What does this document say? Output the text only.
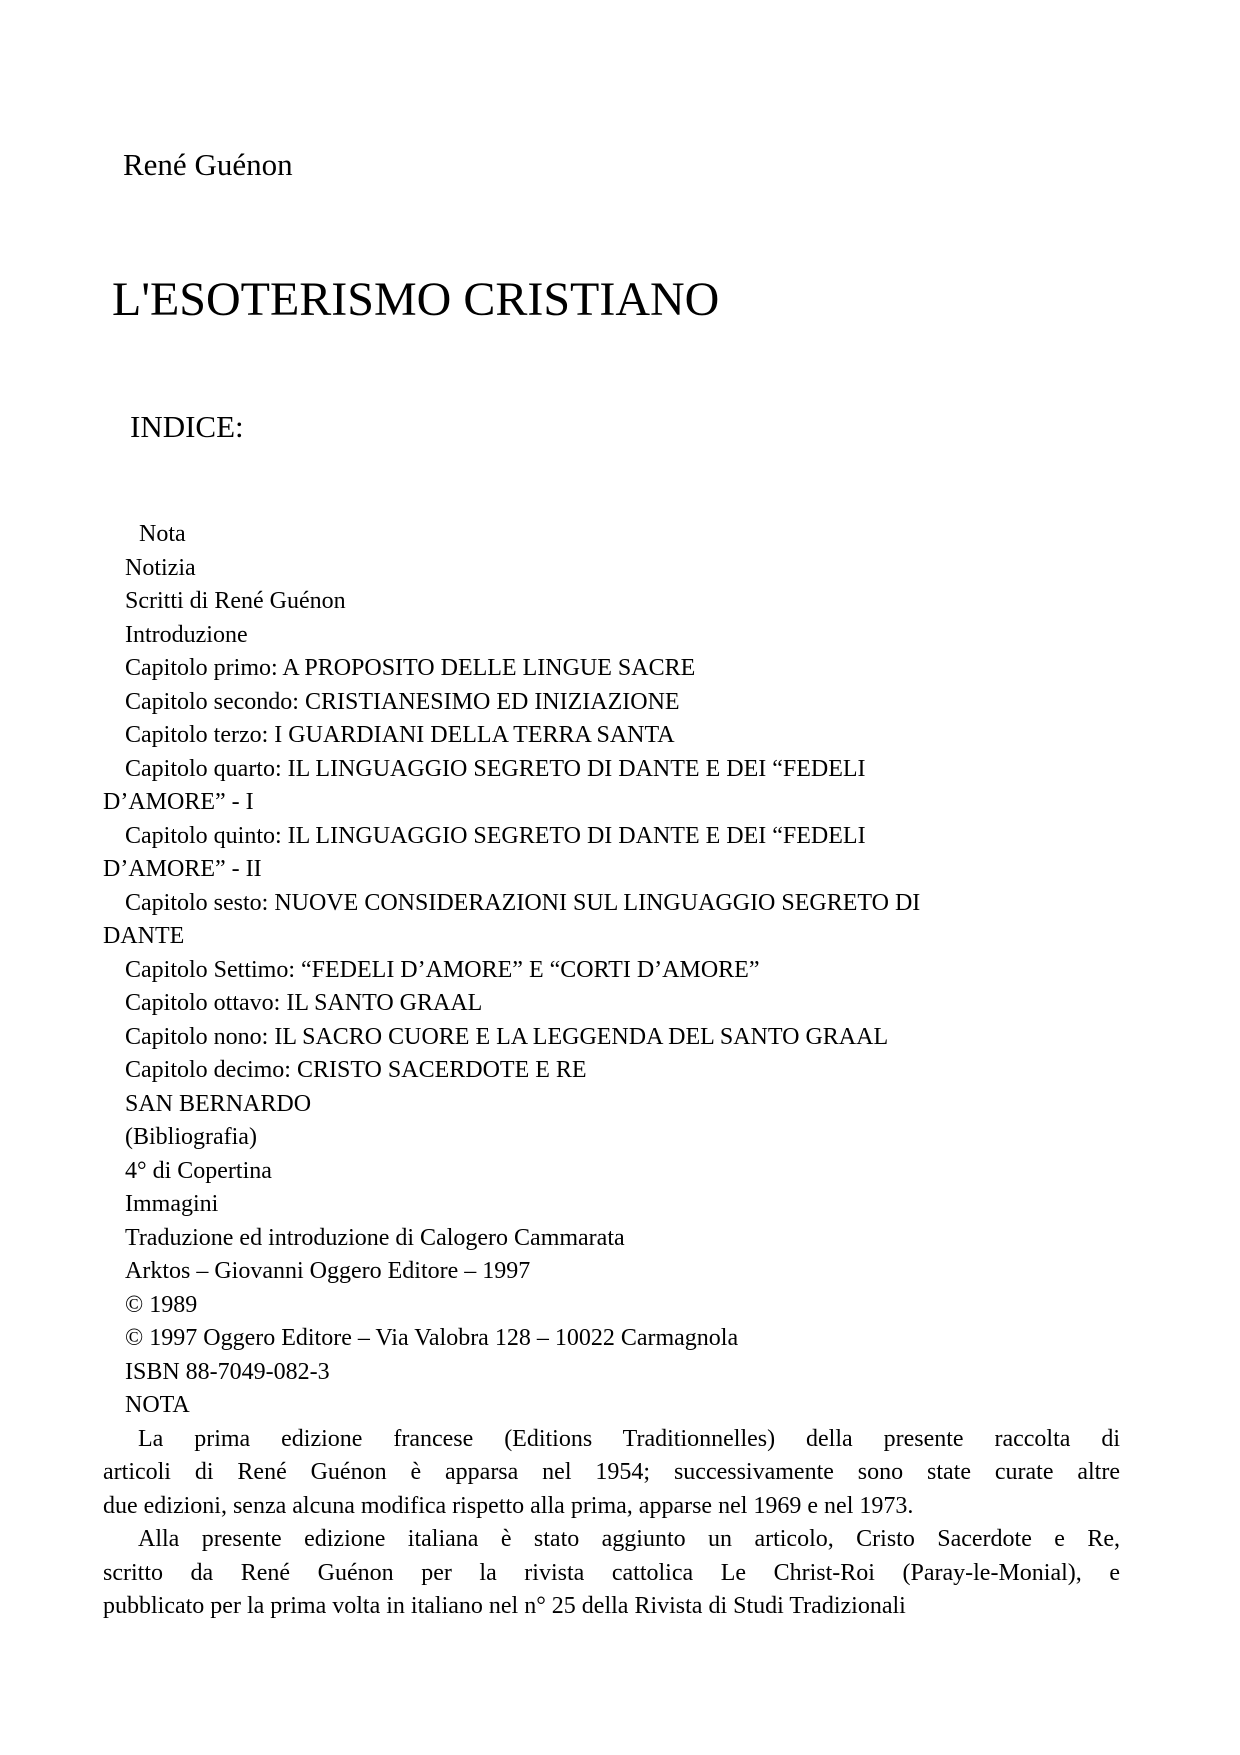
René Guénon
L'ESOTERISMO CRISTIANO
INDICE:
Nota
Notizia
Scritti di René Guénon
Introduzione
Capitolo primo: A PROPOSITO DELLE LINGUE SACRE
Capitolo secondo: CRISTIANESIMO ED INIZIAZIONE
Capitolo terzo: I GUARDIANI DELLA TERRA SANTA
Capitolo quarto: IL LINGUAGGIO SEGRETO DI DANTE E DEI “FEDELI
D’AMORE” - I
Capitolo quinto: IL LINGUAGGIO SEGRETO DI DANTE E DEI “FEDELI
D’AMORE” - II
Capitolo sesto: NUOVE CONSIDERAZIONI SUL LINGUAGGIO SEGRETO DI
DANTE
Capitolo Settimo: “FEDELI D’AMORE” E “CORTI D’AMORE”
Capitolo ottavo: IL SANTO GRAAL
Capitolo nono: IL SACRO CUORE E LA LEGGENDA DEL SANTO GRAAL
Capitolo decimo: CRISTO SACERDOTE E RE
SAN BERNARDO
(Bibliografia)
4° di Copertina
Immagini
Traduzione ed introduzione di Calogero Cammarata
Arktos – Giovanni Oggero Editore – 1997
© 1989
© 1997 Oggero Editore – Via Valobra 128 – 10022 Carmagnola
ISBN 88-7049-082-3
NOTA
La prima edizione francese (Editions Traditionnelles) della presente raccolta di
articoli di René Guénon è apparsa nel 1954; successivamente sono state curate altre
due edizioni, senza alcuna modifica rispetto alla prima, apparse nel 1969 e nel 1973.
Alla presente edizione italiana è stato aggiunto un articolo, Cristo Sacerdote e Re,
scritto da René Guénon per la rivista cattolica Le Christ-Roi (Paray-le-Monial), e
pubblicato per la prima volta in italiano nel n° 25 della Rivista di Studi Tradizionali
